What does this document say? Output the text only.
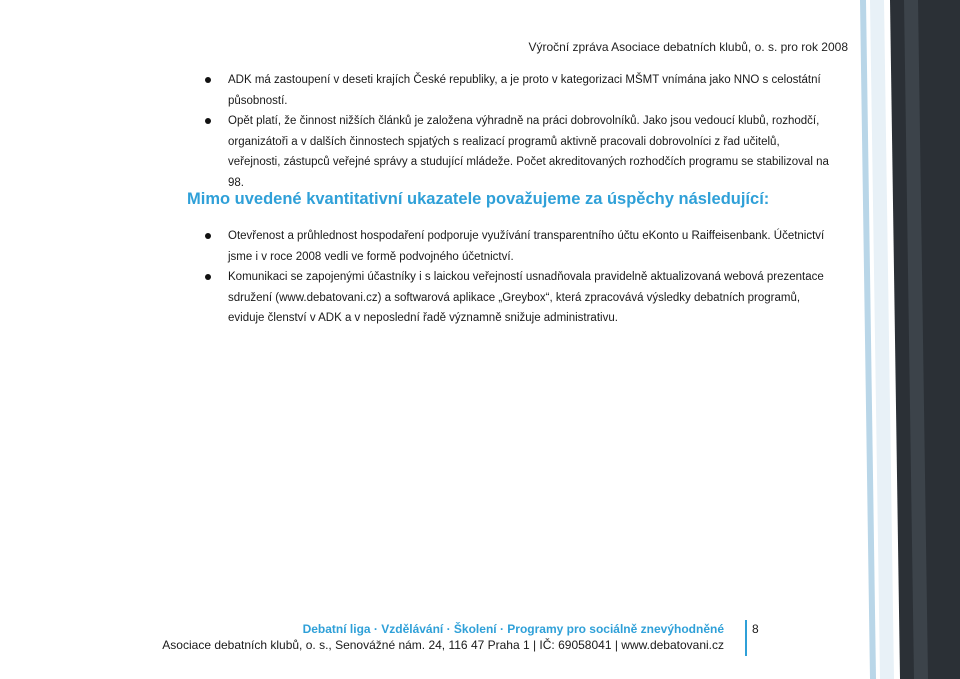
Výroční zpráva Asociace debatních klubů, o. s. pro rok 2008
ADK má zastoupení v deseti krajích České republiky, a je proto v kategorizaci MŠMT vnímána jako NNO s celostátní působností.
Opět platí, že činnost nižších článků je založena výhradně na práci dobrovolníků. Jako jsou vedoucí klubů, rozhodčí, organizátoři a v dalších činnostech spjatých s realizací programů aktivně pracovali dobrovolníci z řad učitelů, veřejnosti, zástupců veřejné správy a studující mládeže. Počet akreditovaných rozhodčích programu se stabilizoval na 98.
Mimo uvedené kvantitativní ukazatele považujeme za úspěchy následující:
Otevřenost a průhlednost hospodaření podporuje využívání transparentního účtu eKonto u Raiffeisenbank. Účetnictví jsme i v roce 2008 vedli ve formě podvojného účetnictví.
Komunikaci se zapojenými účastníky i s laickou veřejností usnadňovala pravidelně aktualizovaná webová prezentace sdružení (www.debatovani.cz) a softwarová aplikace „Greybox“, která zpracovává výsledky debatních programů, eviduje členství v ADK a v neposlední řadě významně snižuje administrativu.
Debatní liga · Vzdělávání · Školení · Programy pro sociálně znevýhodněné
Asociace debatních klubů, o. s., Senovážné nám. 24, 116 47 Praha 1 | IČ: 69058041 | www.debatovani.cz
8
